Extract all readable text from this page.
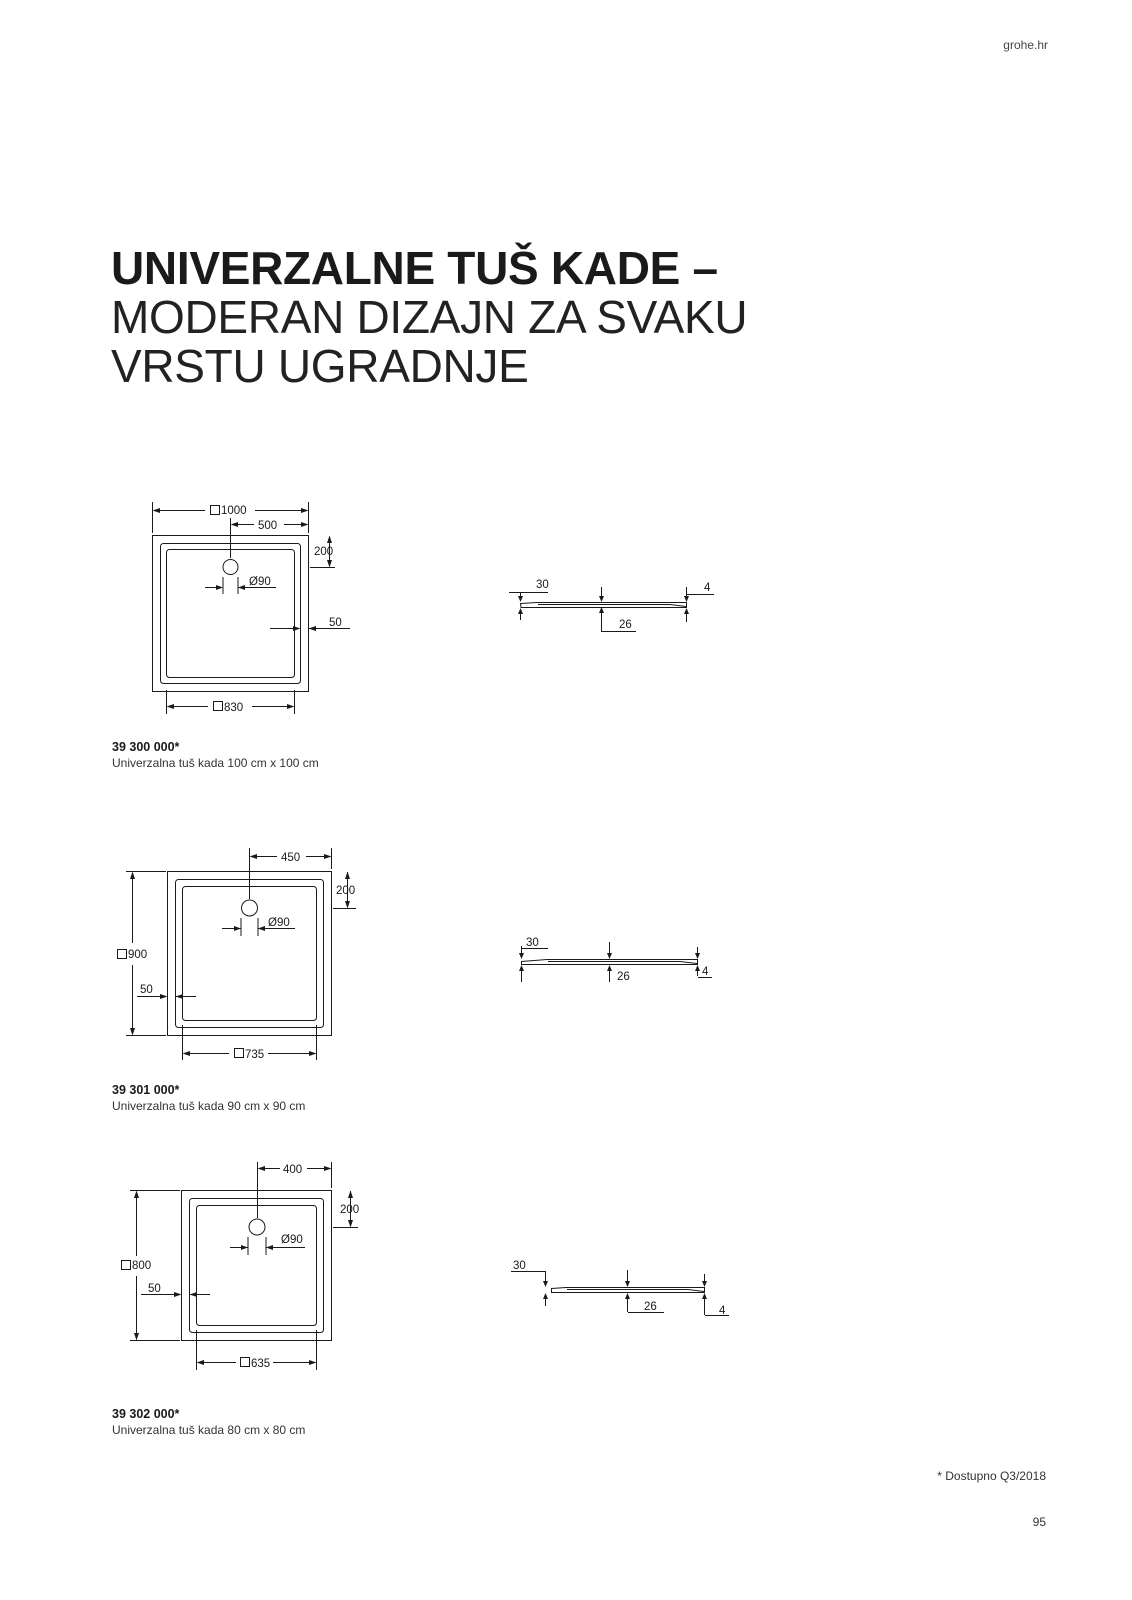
grohe.hr
UNIVERZALNE TUŠ KADE –
MODERAN DIZAJN ZA SVAKU
VRSTU UGRADNJE
1000
500
200
Ø90
50
830
30	4
26
39 300 000*
Univerzalna tuš kada 100 cm x 100 cm
450
200
Ø90
900
50
735
30
26	4
39 301 000*
Univerzalna tuš kada 90 cm x 90 cm
400
200
Ø90
800
50
635
30
26	4
39 302 000*
Univerzalna tuš kada 80 cm x 80 cm
* Dostupno Q3/2018
95
